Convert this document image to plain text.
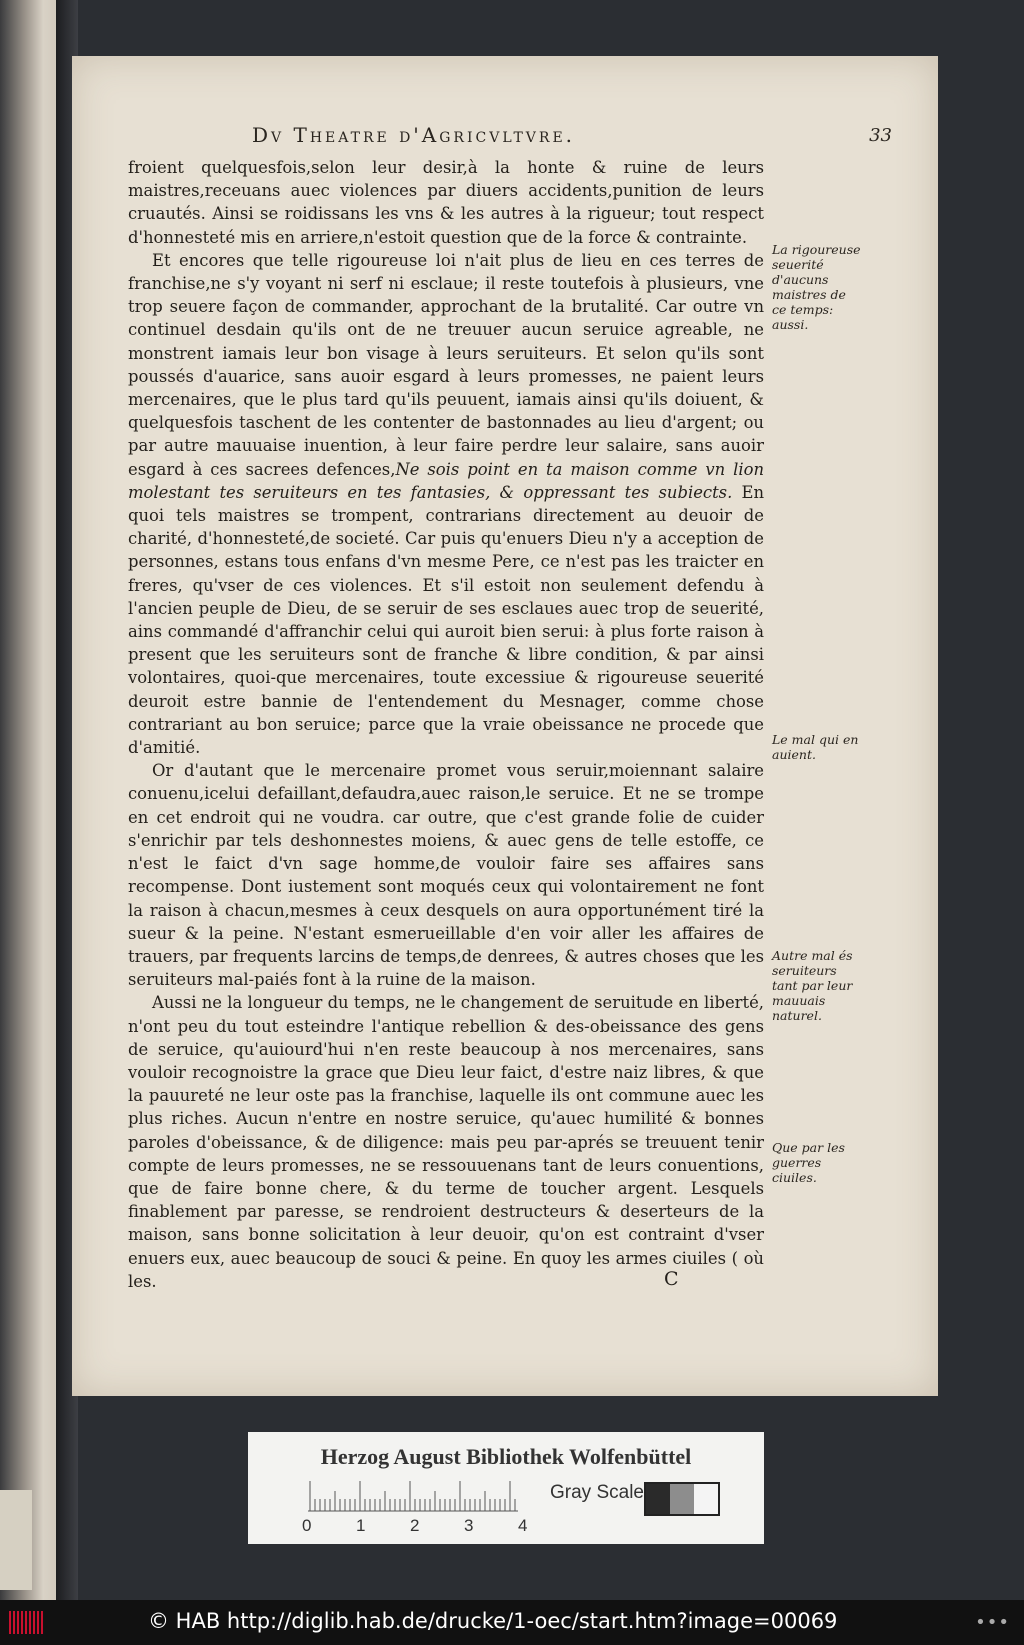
Dv Theatre d'Agricvltvre.	33

froient quelquesfois,selon leur desir,à la honte & ruine de leurs maistres,receuans auec violences par diuers accidents,punition de leurs cruautés. Ainsi se roidissans les vns & les autres à la rigueur; tout respect d'honnesteté mis en arriere,n'estoit question que de la force & contrainte.

Et encores que telle rigoureuse loi n'ait plus de lieu en ces terres de franchise,ne s'y voyant ni serf ni esclaue; il reste toutefois à plusieurs, vne trop seuere façon de commander, approchant de la brutalité. Car outre vn continuel desdain qu'ils ont de ne treuuer aucun seruice agreable, ne monstrent iamais leur bon visage à leurs seruiteurs. Et selon qu'ils sont poussés d'auarice, sans auoir esgard à leurs promesses, ne paient leurs mercenaires, que le plus tard qu'ils peuuent, iamais ainsi qu'ils doiuent, & quelquesfois taschent de les contenter de bastonnades au lieu d'argent; ou par autre mauuaise inuention, à leur faire perdre leur salaire, sans auoir esgard à ces sacrees defences,Ne sois point en ta maison comme vn lion molestant tes seruiteurs en tes fantasies, & oppressant tes subiects. En quoi tels maistres se trompent, contrarians directement au deuoir de charité, d'honnesteté,de societé. Car puis qu'enuers Dieu n'y a acception de personnes, estans tous enfans d'vn mesme Pere, ce n'est pas les traicter en freres, qu'vser de ces violences. Et s'il estoit non seulement defendu à l'ancien peuple de Dieu, de se seruir de ses esclaues auec trop de seuerité, ains commandé d'affranchir celui qui auroit bien serui: à plus forte raison à present que les seruiteurs sont de franche & libre condition, & par ainsi volontaires, quoi-que mercenaires, toute excessiue & rigoureuse seuerité deuroit estre bannie de l'entendement du Mesnager, comme chose contrariant au bon seruice; parce que la vraie obeissance ne procede que d'amitié.

Or d'autant que le mercenaire promet vous seruir,moiennant salaire conuenu,icelui defaillant,defaudra,auec raison,le seruice. Et ne se trompe en cet endroit qui ne voudra. car outre, que c'est grande folie de cuider s'enrichir par tels deshonnestes moiens, & auec gens de telle estoffe, ce n'est le faict d'vn sage homme,de vouloir faire ses affaires sans recompense. Dont iustement sont moqués ceux qui volontairement ne font la raison à chacun,mesmes à ceux desquels on aura opportunément tiré la sueur & la peine. N'estant esmerueillable d'en voir aller les affaires de trauers, par frequents larcins de temps,de denrees, & autres choses que les seruiteurs mal-paiés font à la ruine de la maison.

Aussi ne la longueur du temps, ne le changement de seruitude en liberté, n'ont peu du tout esteindre l'antique rebellion & des-obeissance des gens de seruice, qu'auiourd'hui n'en reste beaucoup à nos mercenaires, sans vouloir recognoistre la grace que Dieu leur faict, d'estre naiz libres, & que la pauureté ne leur oste pas la franchise, laquelle ils ont commune auec les plus riches. Aucun n'entre en nostre seruice, qu'auec humilité & bonnes paroles d'obeissance, & de diligence: mais peu par-aprés se treuuent tenir compte de leurs promesses, ne se ressouuenans tant de leurs conuentions, que de faire bonne chere, & du terme de toucher argent. Lesquels finablement par paresse, se rendroient destructeurs & deserteurs de la maison, sans bonne solicitation à leur deuoir, qu'on est contraint d'vser enuers eux, auec beaucoup de souci & peine. En quoy les armes ciuiles ( où les.

La rigoureuse seuerité d'aucuns maistres de ce temps: aussi.
Le mal qui en auient.
Autre mal és seruiteurs tant par leur mauuais naturel.
Que par les guerres ciuiles.
C
Herzog August Bibliothek Wolfenbüttel
Gray Scale
0	1	2	3	4
© HAB http://diglib.hab.de/drucke/1-oec/start.htm?image=00069	•••
